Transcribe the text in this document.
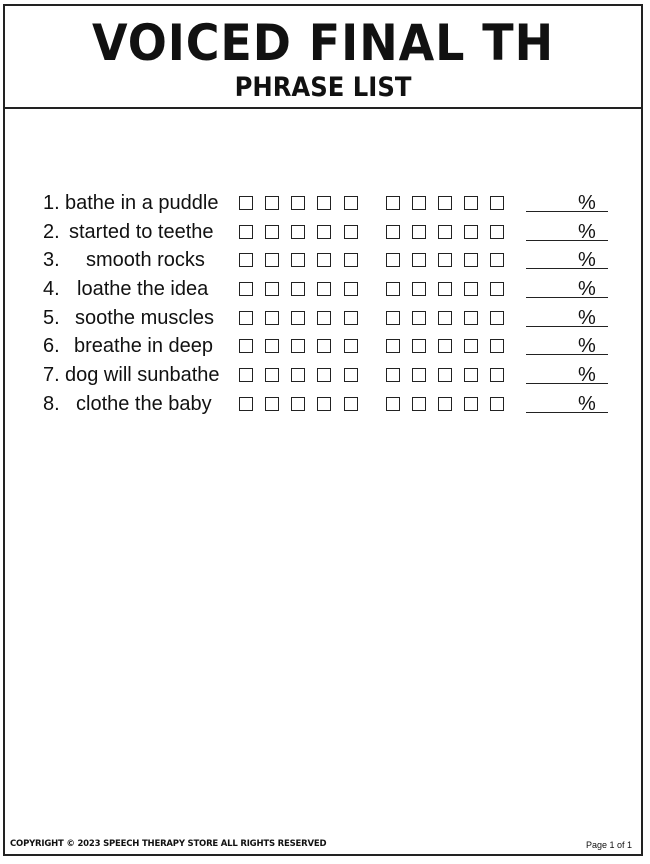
VOICED FINAL TH
PHRASE LIST
1. bathe in a puddle	%
2. started to teethe	%
3. smooth rocks	%
4. loathe the idea	%
5. soothe muscles	%
6. breathe in deep	%
7. dog will sunbathe	%
8. clothe the baby	%
COPYRIGHT © 2023 SPEECH THERAPY STORE ALL RIGHTS RESERVED	Page 1 of 1
